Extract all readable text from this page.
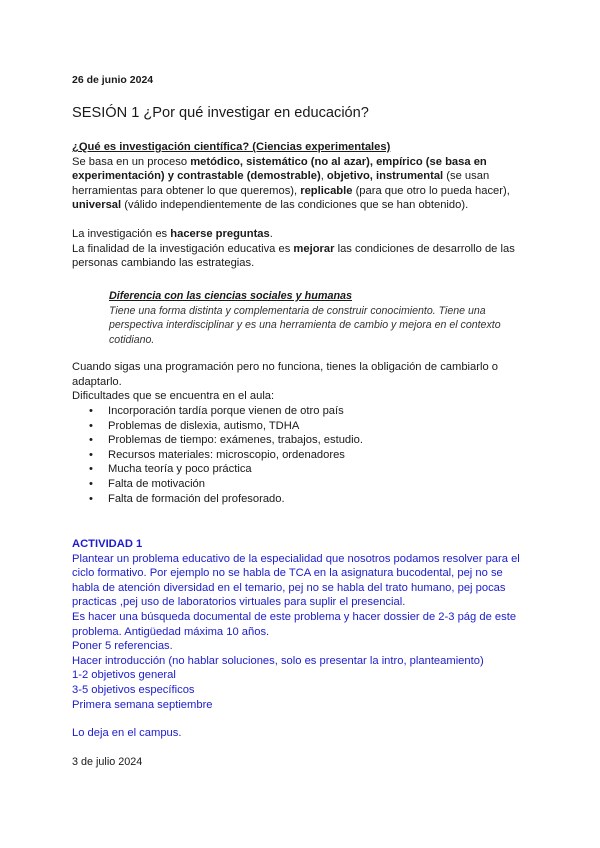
26 de junio 2024
SESIÓN 1 ¿Por qué investigar en educación?
¿Qué es investigación científica? (Ciencias experimentales)
Se basa en un proceso metódico, sistemático (no al azar), empírico (se basa en experimentación) y contrastable (demostrable), objetivo, instrumental (se usan herramientas para obtener lo que queremos), replicable (para que otro lo pueda hacer), universal (válido independientemente de las condiciones que se han obtenido).
La investigación es hacerse preguntas.
La finalidad de la investigación educativa es mejorar las condiciones de desarrollo de las personas cambiando las estrategias.
Diferencia con las ciencias sociales y humanas
Tiene una forma distinta y complementaria de construir conocimiento. Tiene una perspectiva interdisciplinar y es una herramienta de cambio y mejora en el contexto cotidiano.
Cuando sigas una programación pero no funciona, tienes la obligación de cambiarlo o adaptarlo.
Dificultades que se encuentra en el aula:
• Incorporación tardía porque vienen de otro país
• Problemas de dislexia, autismo, TDHA
• Problemas de tiempo: exámenes, trabajos, estudio.
• Recursos materiales: microscopio, ordenadores
• Mucha teoría y poco práctica
• Falta de motivación
• Falta de formación del profesorado.
ACTIVIDAD 1
Plantear un problema educativo de la especialidad que nosotros podamos resolver para el ciclo formativo. Por ejemplo no se habla de TCA en la asignatura bucodental, pej no se habla de atención diversidad en el temario, pej no se habla del trato humano, pej pocas practicas ,pej uso de laboratorios virtuales para suplir el presencial.
Es hacer una búsqueda documental de este problema y hacer dossier de 2-3 pág de este problema. Antigüedad máxima 10 años.
Poner 5 referencias.
Hacer introducción (no hablar soluciones, solo es presentar la intro, planteamiento)
1-2 objetivos general
3-5 objetivos específicos
Primera semana septiembre
Lo deja en el campus.
3 de julio 2024
